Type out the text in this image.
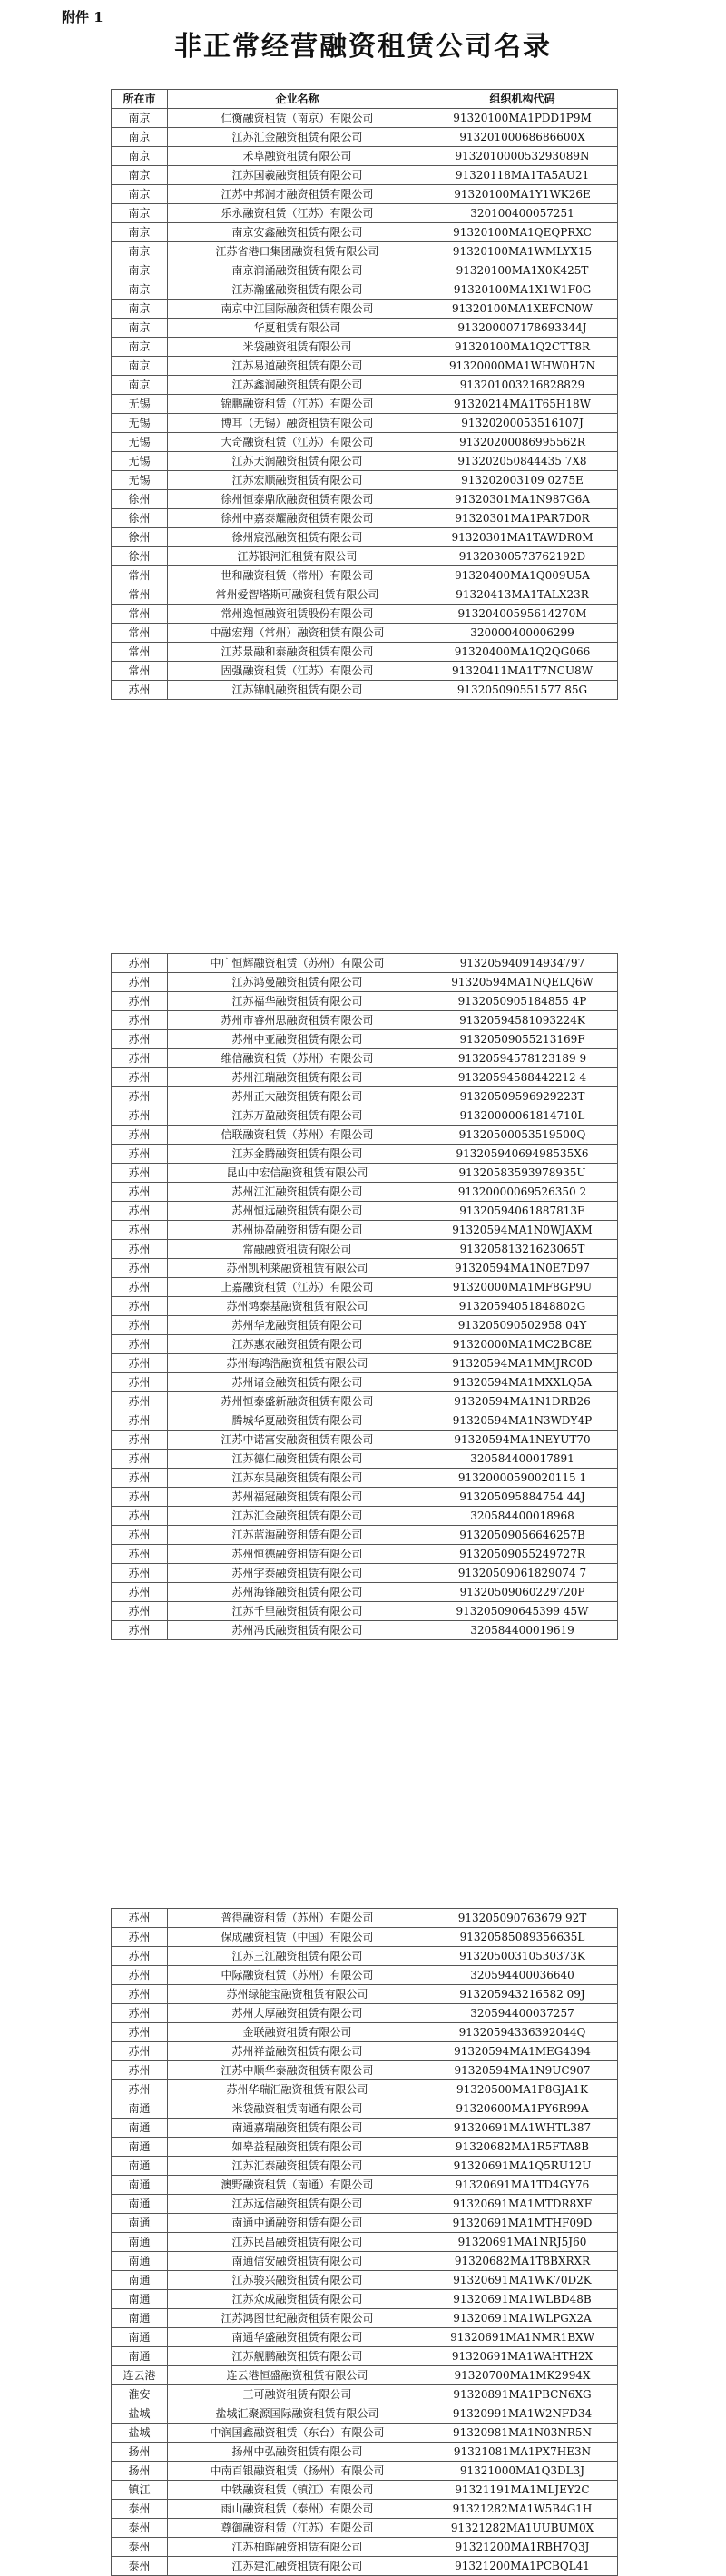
附件 1
非正常经营融资租赁公司名录
所在市	企业名称	组织机构代码
南京	仁衡融资租赁（南京）有限公司	91320100MA1PDD1P9M
南京	江苏汇金融资租赁有限公司	91320100068686600X
南京	禾阜融资租赁有限公司	913201000053293089N
南京	江苏国羲融资租赁有限公司	91320118MA1TA5AU21
南京	江苏中邦润才融资租赁有限公司	91320100MA1Y1WK26E
南京	乐永融资租赁（江苏）有限公司	320100400057251
南京	南京安鑫融资租赁有限公司	91320100MA1QEQPRXC
南京	江苏省港口集团融资租赁有限公司	91320100MA1WMLYX15
南京	南京润涌融资租赁有限公司	91320100MA1X0K425T
南京	江苏瀚盛融资租赁有限公司	91320100MA1X1W1F0G
南京	南京中江国际融资租赁有限公司	91320100MA1XEFCN0W
南京	华夏租赁有限公司	913200007178693344J
南京	米袋融资租赁有限公司	91320100MA1Q2CTT8R
南京	江苏易道融资租赁有限公司	91320000MA1WHW0H7N
南京	江苏鑫润融资租赁有限公司	913201003216828829
无锡	锦鹏融资租赁（江苏）有限公司	91320214MA1T65H18W
无锡	博耳（无锡）融资租赁有限公司	91320200053516107J
无锡	大奇融资租赁（江苏）有限公司	91320200086995562R
无锡	江苏天润融资租赁有限公司	913202050844435 7X8
无锡	江苏宏顺融资租赁有限公司	913202003109 0275E
徐州	徐州恒泰鼎欣融资租赁有限公司	91320301MA1N987G6A
徐州	徐州中嘉泰耀融资租赁有限公司	91320301MA1PAR7D0R
徐州	徐州宸泓融资租赁有限公司	91320301MA1TAWDR0M
徐州	江苏银河汇租赁有限公司	91320300573762192D
常州	世和融资租赁（常州）有限公司	91320400MA1Q009U5A
常州	常州爱智塔斯可融资租赁有限公司	91320413MA1TALX23R
常州	常州逸恒融资租赁股份有限公司	91320400595614270M
常州	中融宏翔（常州）融资租赁有限公司	320000400006299
常州	江苏景融和泰融资租赁有限公司	91320400MA1Q2QG066
常州	固强融资租赁（江苏）有限公司	91320411MA1T7NCU8W
苏州	江苏锦帆融资租赁有限公司	913205090551577 85G
苏州	中广恒辉融资租赁（苏州）有限公司	913205940914934797
苏州	江苏鸿曼融资租赁有限公司	91320594MA1NQELQ6W
苏州	江苏福华融资租赁有限公司	9132050905184855 4P
苏州	苏州市睿州思融资租赁有限公司	91320594581093224K
苏州	苏州中亚融资租赁有限公司	91320509055213169F
苏州	维信融资租赁（苏州）有限公司	91320594578123189 9
苏州	苏州江瑞融资租赁有限公司	91320594588442212 4
苏州	苏州正大融资租赁有限公司	91320509596929223T
苏州	江苏万盈融资租赁有限公司	91320000061814710L
苏州	信联融资租赁（苏州）有限公司	91320500053519500Q
苏州	江苏金腾融资租赁有限公司	91320594069498535X6
苏州	昆山中宏信融资租赁有限公司	91320583593978935U
苏州	苏州江汇融资租赁有限公司	91320000069526350 2
苏州	苏州恒远融资租赁有限公司	91320594061887813E
苏州	苏州协盈融资租赁有限公司	91320594MA1N0WJAXM
苏州	常融融资租赁有限公司	91320581321623065T
苏州	苏州凯利莱融资租赁有限公司	91320594MA1N0E7D97
苏州	上嘉融资租赁（江苏）有限公司	91320000MA1MF8GP9U
苏州	苏州鸿泰基融资租赁有限公司	91320594051848802G
苏州	苏州华龙融资租赁有限公司	913205090502958 04Y
苏州	江苏惠农融资租赁有限公司	91320000MA1MC2BC8E
苏州	苏州海鸿浩融资租赁有限公司	91320594MA1MMJRC0D
苏州	苏州诸金融资租赁有限公司	91320594MA1MXXLQ5A
苏州	苏州恒泰盛新融资租赁有限公司	91320594MA1N1DRB26
苏州	腾城华夏融资租赁有限公司	91320594MA1N3WDY4P
苏州	江苏中诺富安融资租赁有限公司	91320594MA1NEYUT70
苏州	江苏德仁融资租赁有限公司	320584400017891
苏州	江苏东吴融资租赁有限公司	91320000590020115 1
苏州	苏州福冠融资租赁有限公司	913205095884754 44J
苏州	江苏汇金融资租赁有限公司	320584400018968
苏州	江苏蓝海融资租赁有限公司	91320509056646257B
苏州	苏州恒德融资租赁有限公司	91320509055249727R
苏州	苏州宇泰融资租赁有限公司	91320509061829074 7
苏州	苏州海锋融资租赁有限公司	91320509060229720P
苏州	江苏千里融资租赁有限公司	913205090645399 45W
苏州	苏州冯氏融资租赁有限公司	320584400019619
苏州	普得融资租赁（苏州）有限公司	913205090763679 92T
苏州	保成融资租赁（中国）有限公司	91320585089356635L
苏州	江苏三江融资租赁有限公司	91320500310530373K
苏州	中际融资租赁（苏州）有限公司	320594400036640
苏州	苏州绿能宝融资租赁有限公司	913205943216582 09J
苏州	苏州大厚融资租赁有限公司	320594400037257
苏州	金联融资租赁有限公司	91320594336392044Q
苏州	苏州祥益融资租赁有限公司	91320594MA1MEG4394
苏州	江苏中顺华泰融资租赁有限公司	91320594MA1N9UC907
苏州	苏州华瑞汇融资租赁有限公司	91320500MA1P8GJA1K
南通	米袋融资租赁南通有限公司	91320600MA1PY6R99A
南通	南通嘉瑞融资租赁有限公司	91320691MA1WHTL387
南通	如皋益程融资租赁有限公司	91320682MA1R5FTA8B
南通	江苏汇泰融资租赁有限公司	91320691MA1Q5RU12U
南通	澳野融资租赁（南通）有限公司	91320691MA1TD4GY76
南通	江苏远信融资租赁有限公司	91320691MA1MTDR8XF
南通	南通中通融资租赁有限公司	91320691MA1MTHF09D
南通	江苏民昌融资租赁有限公司	91320691MA1NRJ5J60
南通	南通信安融资租赁有限公司	91320682MA1T8BXRXR
南通	江苏骏兴融资租赁有限公司	91320691MA1WK70D2K
南通	江苏众成融资租赁有限公司	91320691MA1WLBD48B
南通	江苏鸿图世纪融资租赁有限公司	91320691MA1WLPGX2A
南通	南通华盛融资租赁有限公司	91320691MA1NMR1BXW
南通	江苏舰鹏融资租赁有限公司	91320691MA1WAHTH2X
连云港	连云港恒盛融资租赁有限公司	91320700MA1MK2994X
淮安	三可融资租赁有限公司	91320891MA1PBCN6XG
盐城	盐城汇聚源国际融资租赁有限公司	91320991MA1W2NFD34
盐城	中润国鑫融资租赁（东台）有限公司	91320981MA1N03NR5N
扬州	扬州中弘融资租赁有限公司	91321081MA1PX7HE3N
扬州	中南百银融资租赁（扬州）有限公司	91321000MA1Q3DL3J
镇江	中铁融资租赁（镇江）有限公司	91321191MA1MLJEY2C
泰州	雨山融资租赁（泰州）有限公司	91321282MA1W5B4G1H
泰州	尊御融资租赁（江苏）有限公司	91321282MA1UUBUM0X
泰州	江苏柏晖融资租赁有限公司	91321200MA1RBH7Q3J
泰州	江苏建汇融资租赁有限公司	91321200MA1PCBQL41
